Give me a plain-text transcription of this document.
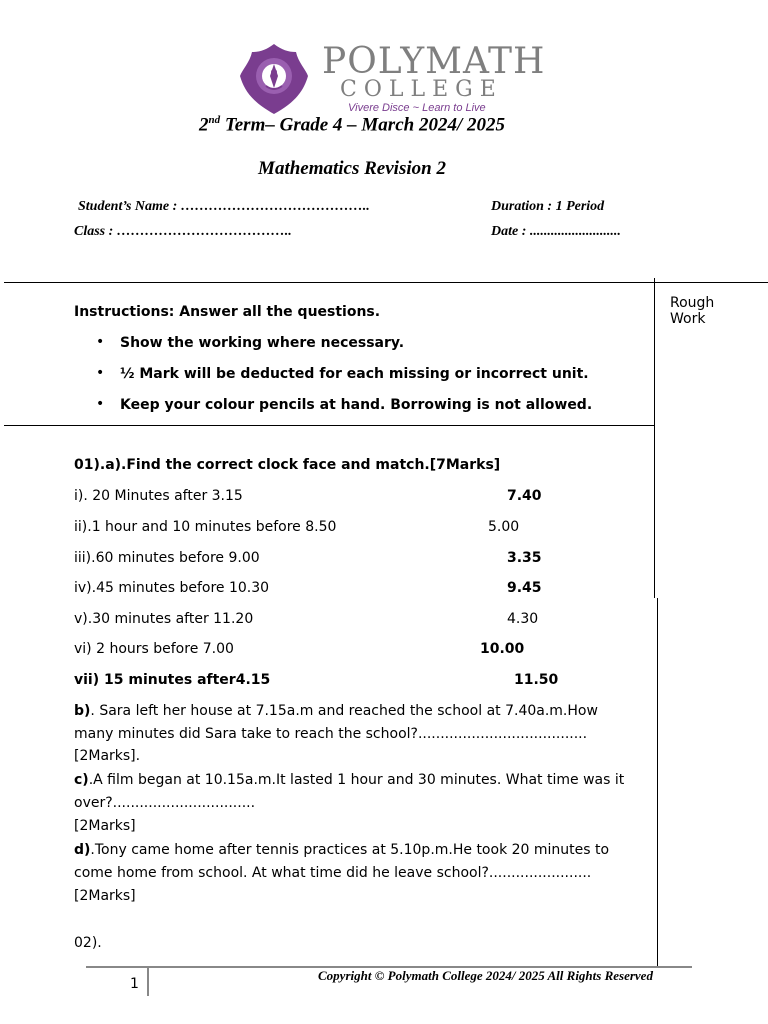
POLYMATH
COLLEGE
Vivere Disce ~ Learn to Live
2nd Term– Grade 4 – March 2024/ 2025
Mathematics Revision 2
Student’s Name : …………………………………..	Duration : 1 Period
Class : ………………………………..	Date : ..........................
Rough
Work
Instructions: Answer all the questions.
• Show the working where necessary.
• ½ Mark will be deducted for each missing or incorrect unit.
• Keep your colour pencils at hand. Borrowing is not allowed.
01).a).Find the correct clock face and match.[7Marks]
i). 20 Minutes after 3.15	7.40
ii).1 hour and 10 minutes before 8.50	5.00
iii).60 minutes before 9.00	3.35
iv).45 minutes before 10.30	9.45
v).30 minutes after 11.20	4.30
vi) 2 hours before 7.00	10.00
vii) 15 minutes after4.15	11.50
b). Sara left her house at 7.15a.m and reached the school at 7.40a.m.How many minutes did Sara take to reach the school?......................................
[2Marks].
c).A film began at 10.15a.m.It lasted 1 hour and 30 minutes. What time was it over?................................
[2Marks]
d).Tony came home after tennis practices at 5.10p.m.He took 20 minutes to come home from school. At what time did he leave school?.......................
[2Marks]
02).
1
Copyright © Polymath College 2024/ 2025 All Rights Reserved
